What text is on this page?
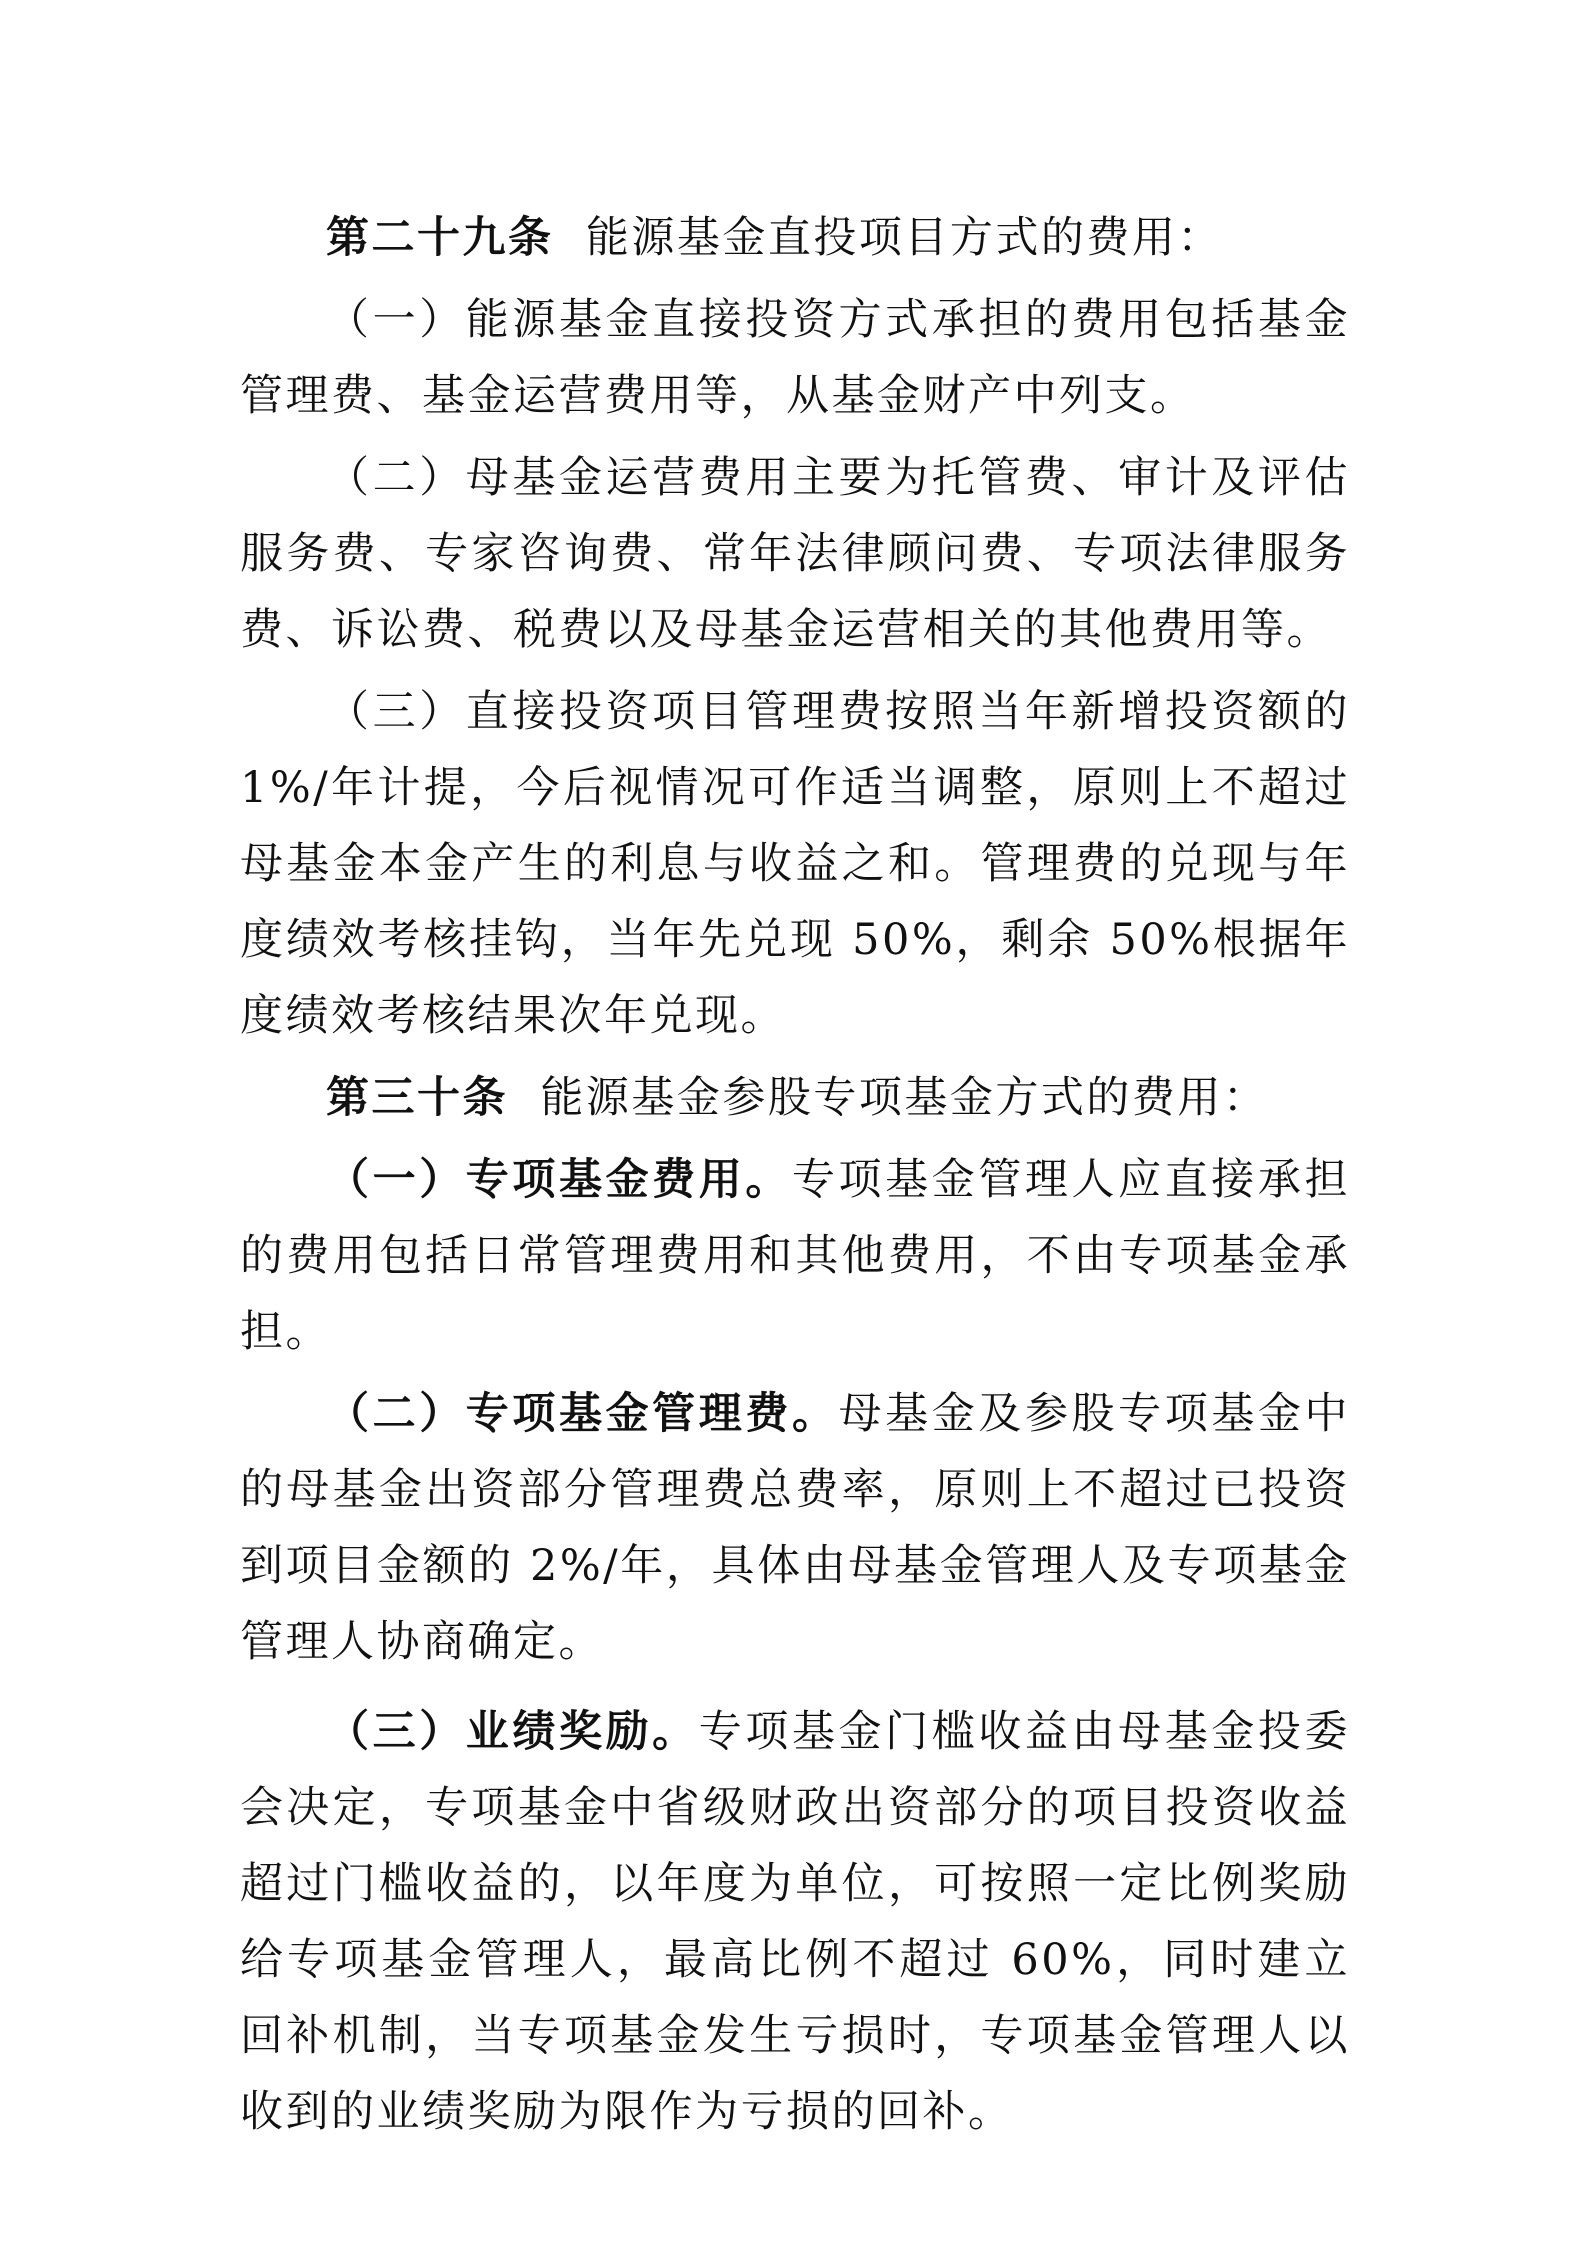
第二十九条 能源基金直投项目方式的费用：

（一）能源基金直接投资方式承担的费用包括基金管理费、基金运营费用等，从基金财产中列支。

（二）母基金运营费用主要为托管费、审计及评估服务费、专家咨询费、常年法律顾问费、专项法律服务费、诉讼费、税费以及母基金运营相关的其他费用等。

（三）直接投资项目管理费按照当年新增投资额的 1%/年计提，今后视情况可作适当调整，原则上不超过母基金本金产生的利息与收益之和。管理费的兑现与年度绩效考核挂钩，当年先兑现 50%，剩余 50%根据年度绩效考核结果次年兑现。

第三十条 能源基金参股专项基金方式的费用：

（一）专项基金费用。专项基金管理人应直接承担的费用包括日常管理费用和其他费用，不由专项基金承担。

（二）专项基金管理费。母基金及参股专项基金中的母基金出资部分管理费总费率，原则上不超过已投资到项目金额的 2%/年，具体由母基金管理人及专项基金管理人协商确定。

（三）业绩奖励。专项基金门槛收益由母基金投委会决定，专项基金中省级财政出资部分的项目投资收益超过门槛收益的，以年度为单位，可按照一定比例奖励给专项基金管理人，最高比例不超过 60%，同时建立回补机制，当专项基金发生亏损时，专项基金管理人以收到的业绩奖励为限作为亏损的回补。
